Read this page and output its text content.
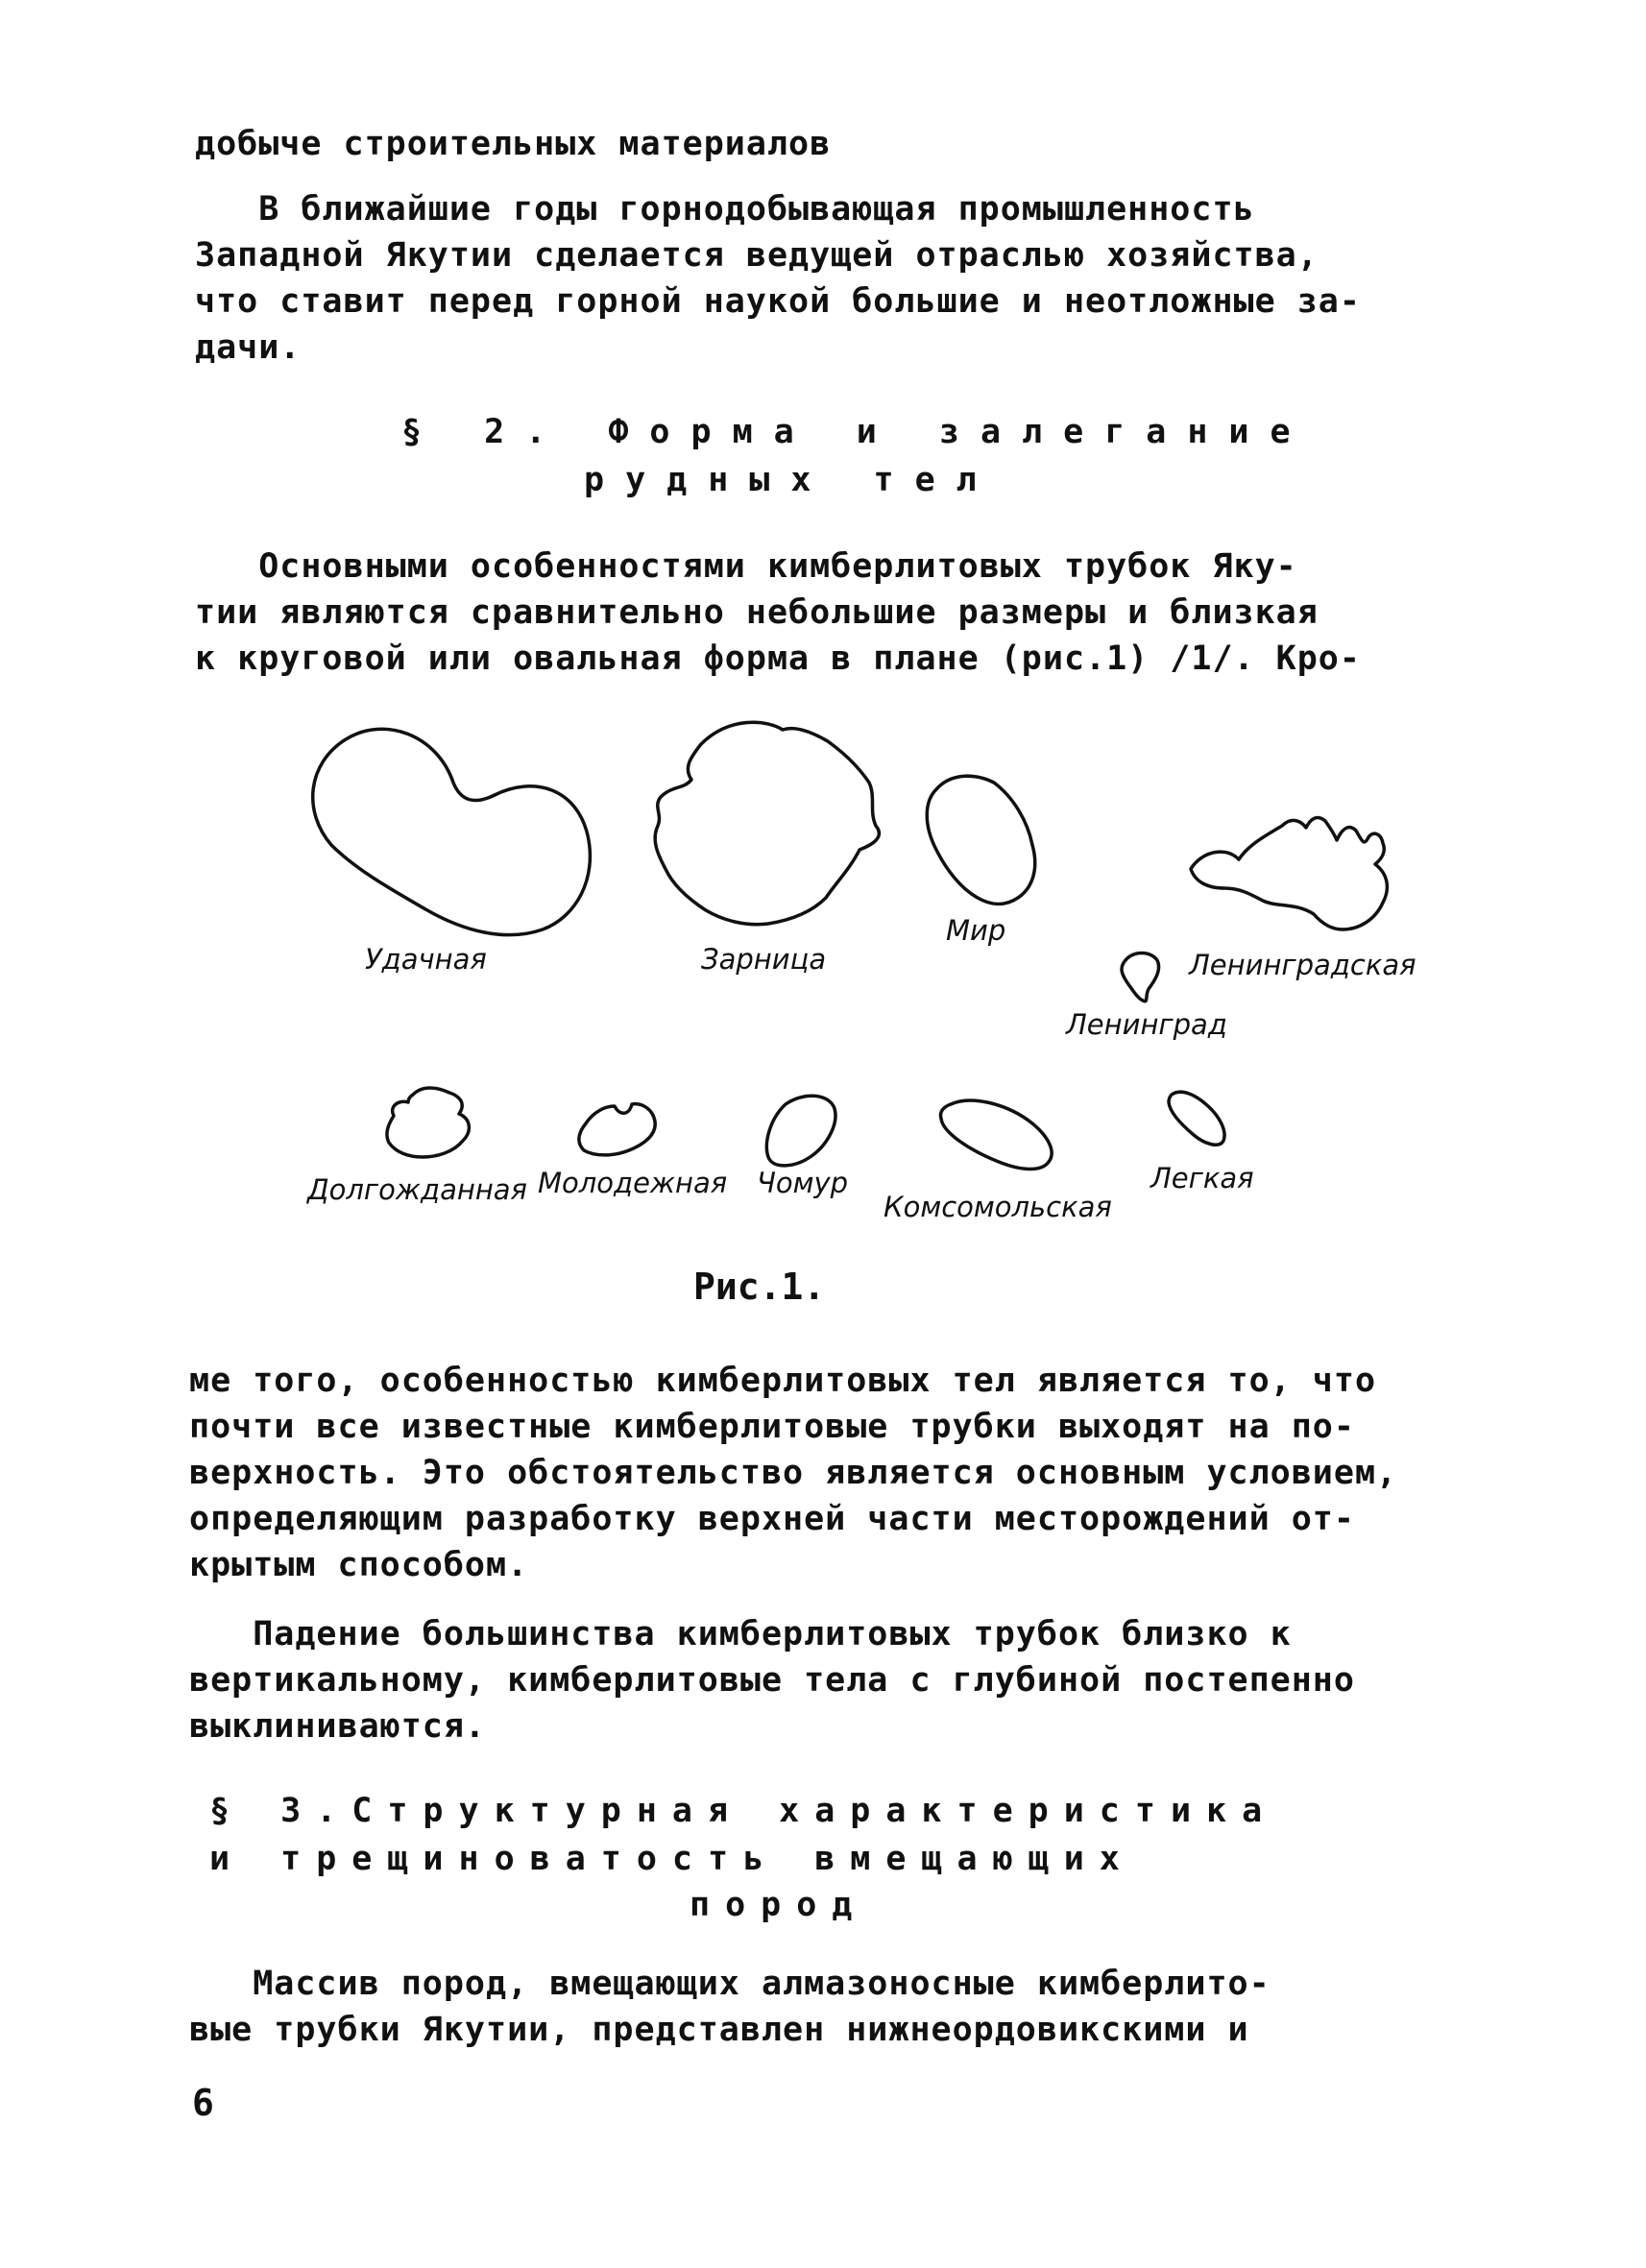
добыче строительных материалов
В ближайшие годы горнодобывающая промышленность
Западной Якутии сделается ведущей отраслью хозяйства,
что ставит перед горной наукой большие и неотложные за-
дачи.
§ 2. Форма и залегание
рудных тел
Основными особенностями кимберлитовых трубок Яку-
тии являются сравнительно небольшие размеры и близкая
к круговой или овальная форма в плане (рис.1) /1/. Кро-
Удачная	Зарница
Мир
Ленинградская
Ленинград
Долгожданная Молодежная Чомур
Комсомольская
Легкая
Рис.1.
ме того, особенностью кимберлитовых тел является то, что
почти все известные кимберлитовые трубки выходят на по-
верхность. Это обстоятельство является основным условием,
определяющим разработку верхней части месторождений от-
крытым способом.
Падение большинства кимберлитовых трубок близко к
вертикальному, кимберлитовые тела с глубиной постепенно
выклиниваются.
§ 3.Структурная характеристика
и трещиноватость вмещающих
пород
Массив пород, вмещающих алмазоносные кимберлито-
вые трубки Якутии, представлен нижнеордовикскими и
6
